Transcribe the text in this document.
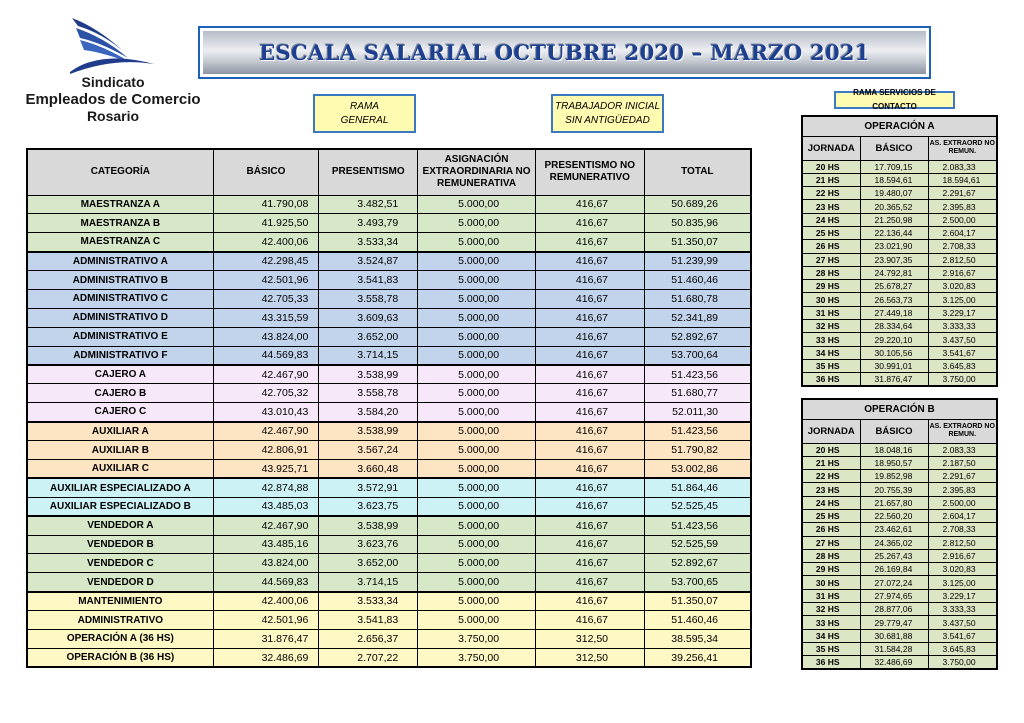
Sindicato
Empleados de Comercio
Rosario
ESCALA SALARIAL OCTUBRE 2020 – MARZO 2021
RAMA
GENERAL
TRABAJADOR INICIAL
SIN ANTIGÜEDAD
RAMA SERVICIOS DE CONTACTO
CATEGORÍA	BÁSICO	PRESENTISMO	ASIGNACIÓN EXTRAORDINARIA NO REMUNERATIVA	PRESENTISMO NO REMUNERATIVO	TOTAL
MAESTRANZA A	41.790,08	3.482,51	5.000,00	416,67	50.689,26
MAESTRANZA B	41.925,50	3.493,79	5.000,00	416,67	50.835,96
MAESTRANZA C	42.400,06	3.533,34	5.000,00	416,67	51.350,07
ADMINISTRATIVO A	42.298,45	3.524,87	5.000,00	416,67	51.239,99
ADMINISTRATIVO B	42.501,96	3.541,83	5.000,00	416,67	51.460,46
ADMINISTRATIVO C	42.705,33	3.558,78	5.000,00	416,67	51.680,78
ADMINISTRATIVO D	43.315,59	3.609,63	5.000,00	416,67	52.341,89
ADMINISTRATIVO E	43.824,00	3.652,00	5.000,00	416,67	52.892,67
ADMINISTRATIVO F	44.569,83	3.714,15	5.000,00	416,67	53.700,64
CAJERO A	42.467,90	3.538,99	5.000,00	416,67	51.423,56
CAJERO B	42.705,32	3.558,78	5.000,00	416,67	51.680,77
CAJERO C	43.010,43	3.584,20	5.000,00	416,67	52.011,30
AUXILIAR A	42.467,90	3.538,99	5.000,00	416,67	51.423,56
AUXILIAR B	42.806,91	3.567,24	5.000,00	416,67	51.790,82
AUXILIAR C	43.925,71	3.660,48	5.000,00	416,67	53.002,86
AUXILIAR ESPECIALIZADO A	42.874,88	3.572,91	5.000,00	416,67	51.864,46
AUXILIAR ESPECIALIZADO B	43.485,03	3.623,75	5.000,00	416,67	52.525,45
VENDEDOR A	42.467,90	3.538,99	5.000,00	416,67	51.423,56
VENDEDOR B	43.485,16	3.623,76	5.000,00	416,67	52.525,59
VENDEDOR C	43.824,00	3.652,00	5.000,00	416,67	52.892,67
VENDEDOR D	44.569,83	3.714,15	5.000,00	416,67	53.700,65
MANTENIMIENTO	42.400,06	3.533,34	5.000,00	416,67	51.350,07
ADMINISTRATIVO	42.501,96	3.541,83	5.000,00	416,67	51.460,46
OPERACIÓN A (36 HS)	31.876,47	2.656,37	3.750,00	312,50	38.595,34
OPERACIÓN B (36 HS)	32.486,69	2.707,22	3.750,00	312,50	39.256,41
OPERACIÓN A		
JORNADA	BÁSICO	AS. EXTRAORD NO REMUN.
20 HS	17.709,15	2.083,33
21 HS	18.594,61	18.594,61
22 HS	19.480,07	2.291,67
23 HS	20.365,52	2.395,83
24 HS	21.250,98	2.500,00
25 HS	22.136,44	2.604,17
26 HS	23.021,90	2.708,33
27 HS	23.907,35	2.812,50
28 HS	24.792,81	2.916,67
29 HS	25.678,27	3.020,83
30 HS	26.563,73	3.125,00
31 HS	27.449,18	3.229,17
32 HS	28.334,64	3.333,33
33 HS	29.220,10	3.437,50
34 HS	30.105,56	3.541,67
35 HS	30.991,01	3.645,83
36 HS	31.876,47	3.750,00
OPERACIÓN B		
JORNADA	BÁSICO	AS. EXTRAORD NO REMUN.
20 HS	18.048,16	2.083,33
21 HS	18.950,57	2.187,50
22 HS	19.852,98	2.291,67
23 HS	20.755,39	2.395,83
24 HS	21.657,80	2.500,00
25 HS	22.560,20	2.604,17
26 HS	23.462,61	2.708,33
27 HS	24.365,02	2.812,50
28 HS	25.267,43	2.916,67
29 HS	26.169,84	3.020,83
30 HS	27.072,24	3.125,00
31 HS	27.974,65	3.229,17
32 HS	28.877,06	3.333,33
33 HS	29.779,47	3.437,50
34 HS	30.681,88	3.541,67
35 HS	31.584,28	3.645,83
36 HS	32.486,69	3.750,00
